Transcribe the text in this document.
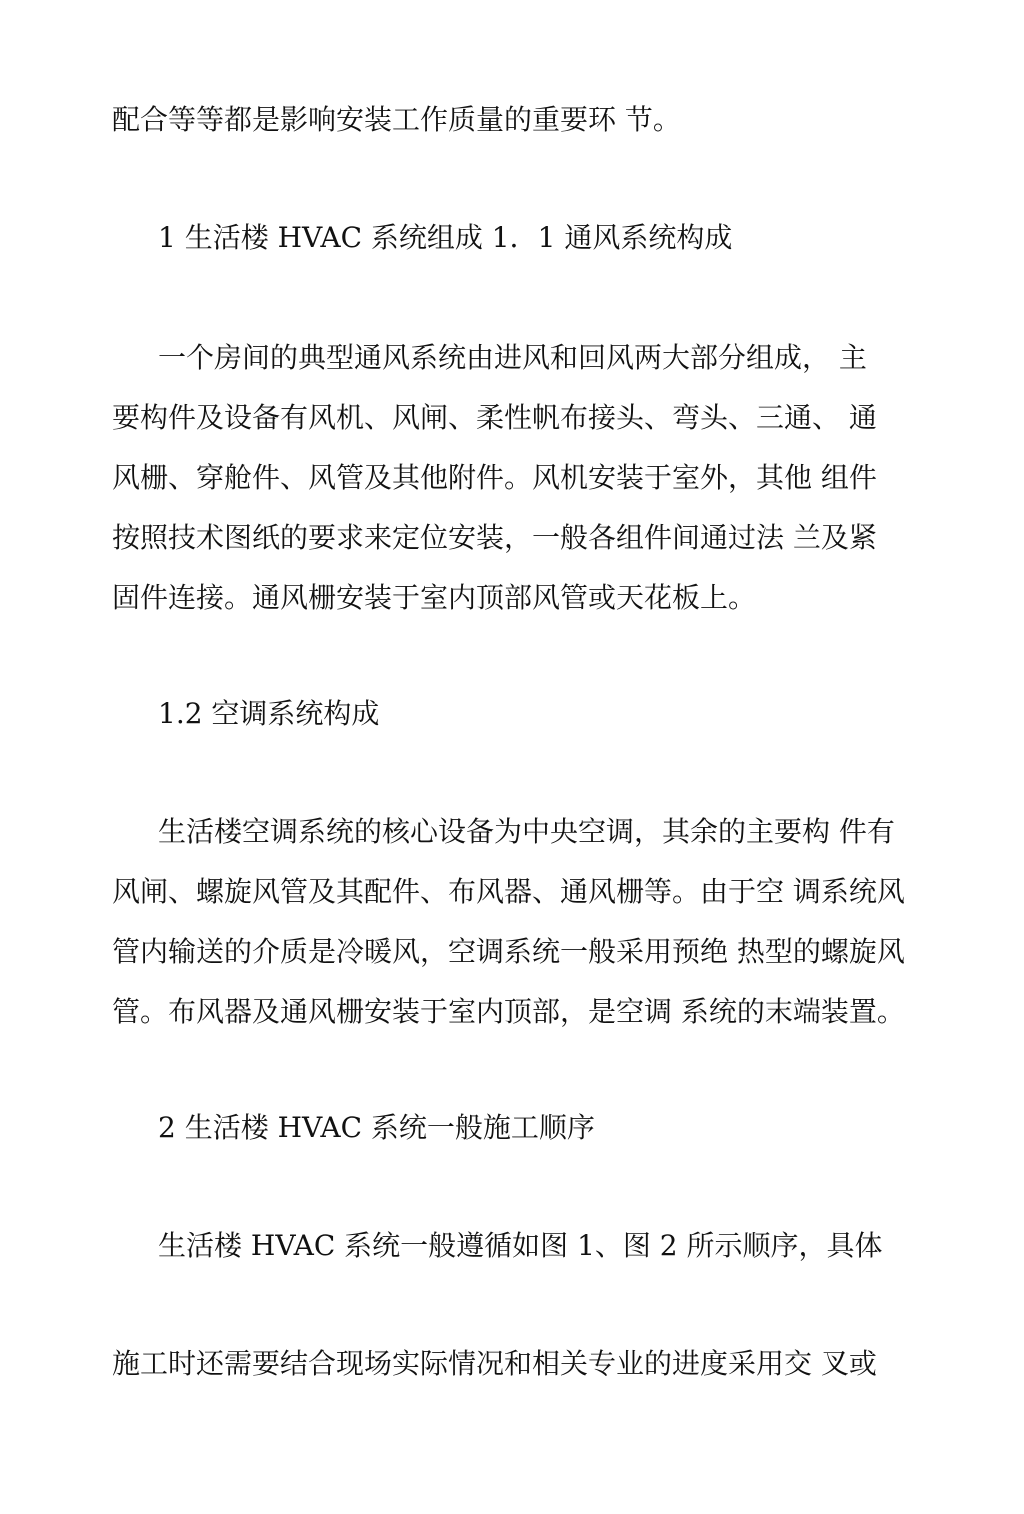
配合等等都是影响安装工作质量的重要环 节。
1 生活楼 HVAC 系统组成 1．1 通风系统构成
一个房间的典型通风系统由进风和回风两大部分组成， 主
要构件及设备有风机、风闸、柔性帆布接头、弯头、三通、 通
风栅、穿舱件、风管及其他附件。风机安装于室外，其他 组件
按照技术图纸的要求来定位安装，一般各组件间通过法 兰及紧
固件连接。通风栅安装于室内顶部风管或天花板上。
1.2 空调系统构成
生活楼空调系统的核心设备为中央空调，其余的主要构 件有
风闸、螺旋风管及其配件、布风器、通风栅等。由于空 调系统风
管内输送的介质是冷暖风，空调系统一般采用预绝 热型的螺旋风
管。布风器及通风栅安装于室内顶部，是空调 系统的末端装置。
2 生活楼 HVAC 系统一般施工顺序
生活楼 HVAC 系统一般遵循如图 1、图 2 所示顺序，具体
施工时还需要结合现场实际情况和相关专业的进度采用交 叉或
